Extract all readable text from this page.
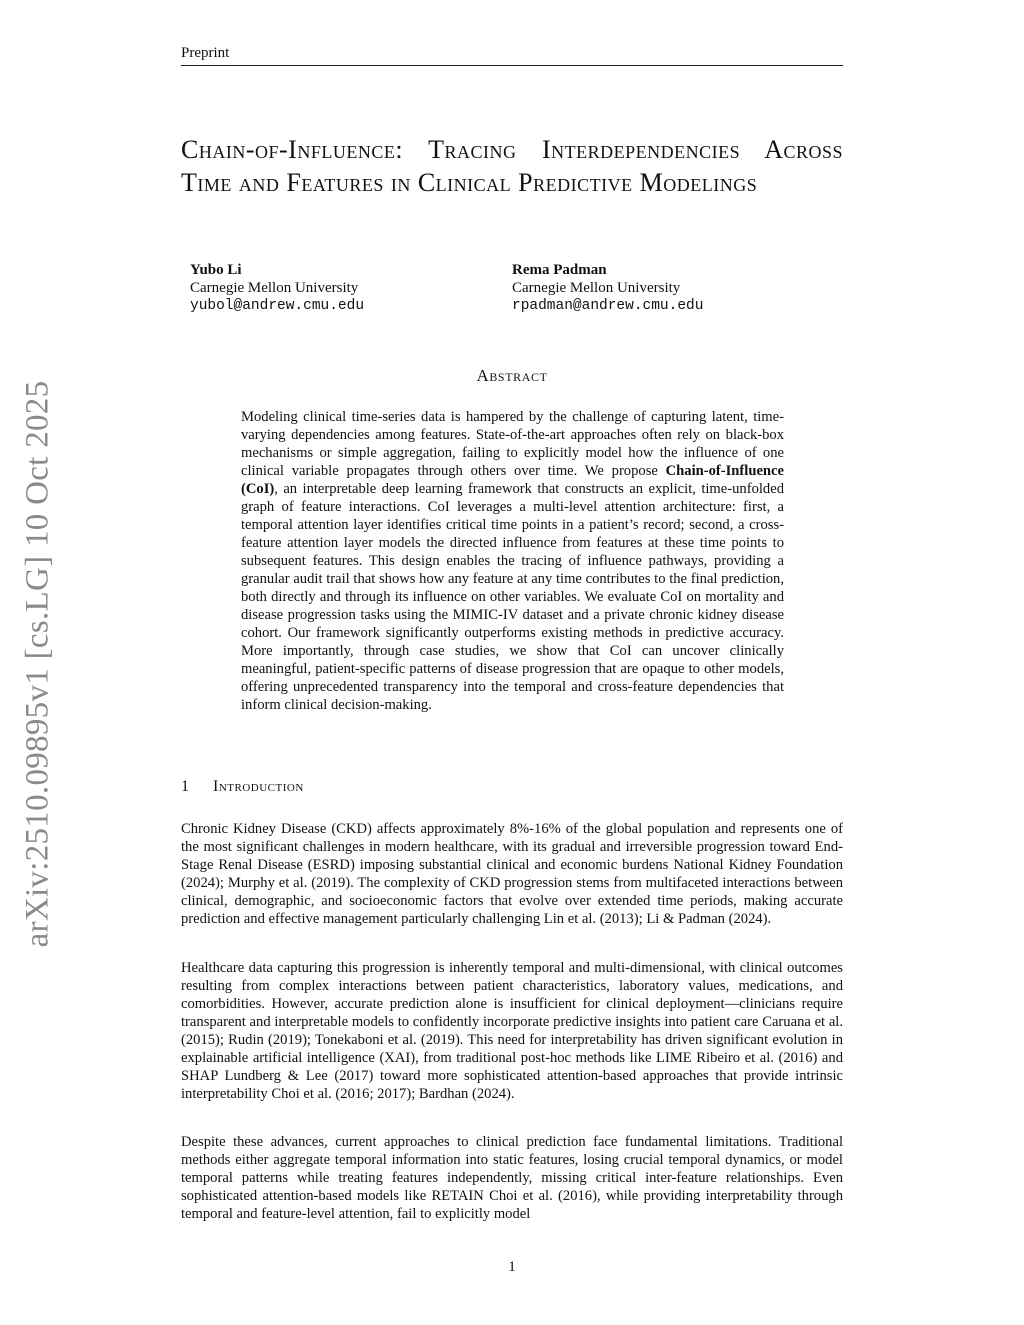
Preprint
arXiv:2510.09895v1 [cs.LG] 10 Oct 2025
Chain-of-Influence: Tracing Interdependencies Across Time and Features in Clinical Predictive Modelings
Yubo Li
Carnegie Mellon University
yubol@andrew.cmu.edu
Rema Padman
Carnegie Mellon University
rpadman@andrew.cmu.edu
Abstract

Modeling clinical time-series data is hampered by the challenge of capturing latent, time-varying dependencies among features. State-of-the-art approaches often rely on black-box mechanisms or simple aggregation, failing to explicitly model how the influence of one clinical variable propagates through others over time. We propose Chain-of-Influence (CoI), an interpretable deep learning framework that constructs an explicit, time-unfolded graph of feature interactions. CoI leverages a multi-level attention architecture: first, a temporal attention layer identifies critical time points in a patient’s record; second, a cross-feature attention layer models the directed influence from features at these time points to subsequent features. This design enables the tracing of influence pathways, providing a granular audit trail that shows how any feature at any time contributes to the final prediction, both directly and through its influence on other variables. We evaluate CoI on mortality and disease progression tasks using the MIMIC-IV dataset and a private chronic kidney disease cohort. Our framework significantly outperforms existing methods in predictive accuracy. More importantly, through case studies, we show that CoI can uncover clinically meaningful, patient-specific patterns of disease progression that are opaque to other models, offering unprecedented transparency into the temporal and cross-feature dependencies that inform clinical decision-making.

1 Introduction

Chronic Kidney Disease (CKD) affects approximately 8%-16% of the global population and represents one of the most significant challenges in modern healthcare, with its gradual and irreversible progression toward End-Stage Renal Disease (ESRD) imposing substantial clinical and economic burdens National Kidney Foundation (2024); Murphy et al. (2019). The complexity of CKD progression stems from multifaceted interactions between clinical, demographic, and socioeconomic factors that evolve over extended time periods, making accurate prediction and effective management particularly challenging Lin et al. (2013); Li & Padman (2024).

Healthcare data capturing this progression is inherently temporal and multi-dimensional, with clinical outcomes resulting from complex interactions between patient characteristics, laboratory values, medications, and comorbidities. However, accurate prediction alone is insufficient for clinical deployment—clinicians require transparent and interpretable models to confidently incorporate predictive insights into patient care Caruana et al. (2015); Rudin (2019); Tonekaboni et al. (2019). This need for interpretability has driven significant evolution in explainable artificial intelligence (XAI), from traditional post-hoc methods like LIME Ribeiro et al. (2016) and SHAP Lundberg & Lee (2017) toward more sophisticated attention-based approaches that provide intrinsic interpretability Choi et al. (2016; 2017); Bardhan (2024).

Despite these advances, current approaches to clinical prediction face fundamental limitations. Traditional methods either aggregate temporal information into static features, losing crucial temporal dynamics, or model temporal patterns while treating features independently, missing critical inter-feature relationships. Even sophisticated attention-based models like RETAIN Choi et al. (2016), while providing interpretability through temporal and feature-level attention, fail to explicitly model

1
